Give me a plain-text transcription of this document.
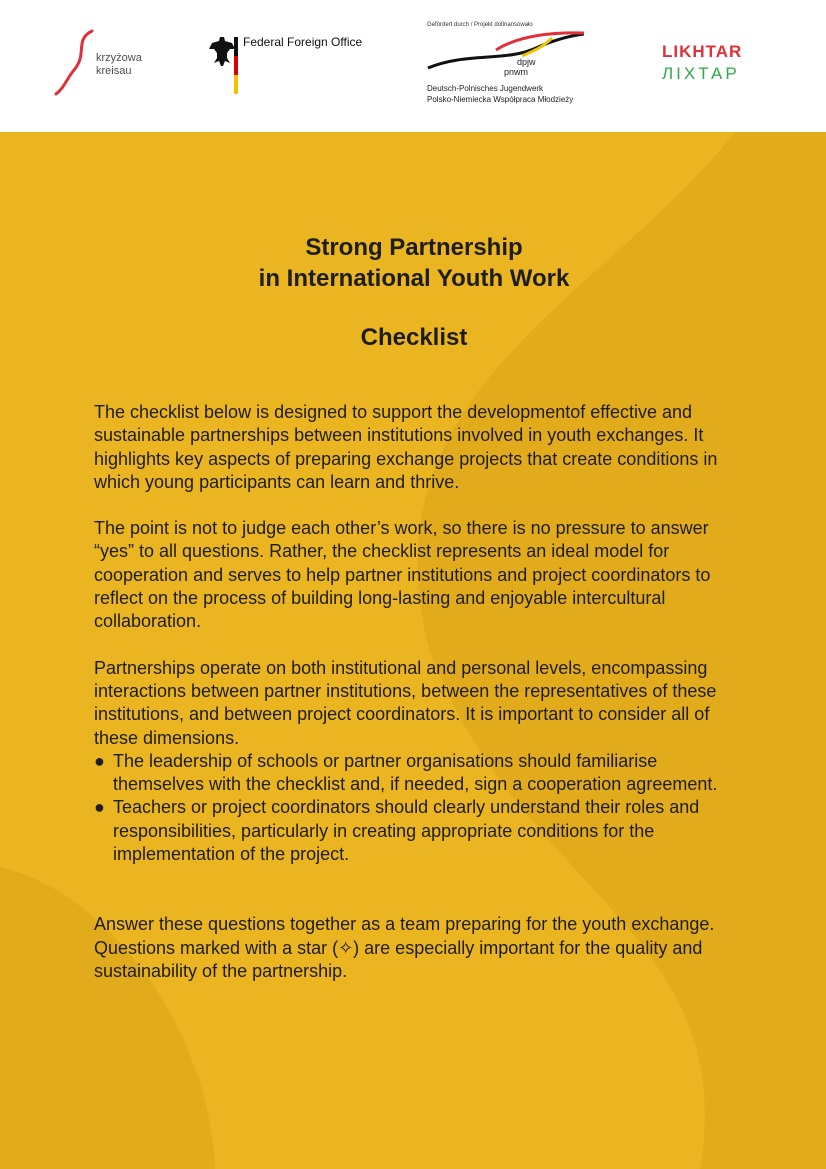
krzyżowa
kreisau
Federal Foreign Office
Gefördert durch / Projekt dofinansowało
dpjw
pnwm
Deutsch-Polnisches Jugendwerk
Polsko-Niemiecka Współpraca Młodzieży
LIKHTAR
ЛІХТАР
Strong Partnership
in International Youth Work
Checklist

The checklist below is designed to support the developmentof effective and sustainable partnerships between institutions involved in youth exchanges. It highlights key aspects of preparing exchange projects that create conditions in which young participants can learn and thrive.

The point is not to judge each other’s work, so there is no pressure to answer “yes” to all questions. Rather, the checklist represents an ideal model for cooperation and serves to help partner institutions and project coordinators to reflect on the process of building long-lasting and enjoyable intercultural collaboration.

Partnerships operate on both institutional and personal levels, encompassing interactions between partner institutions, between the representatives of these institutions, and between project coordinators. It is important to consider all of these dimensions.

● The leadership of schools or partner organisations should familiarise themselves with the checklist and, if needed, sign a cooperation agreement.
● Teachers or project coordinators should clearly understand their roles and responsibilities, particularly in creating appropriate conditions for the implementation of the project.

Answer these questions together as a team preparing for the youth exchange. Questions marked with a star (✧) are especially important for the quality and sustainability of the partnership.
